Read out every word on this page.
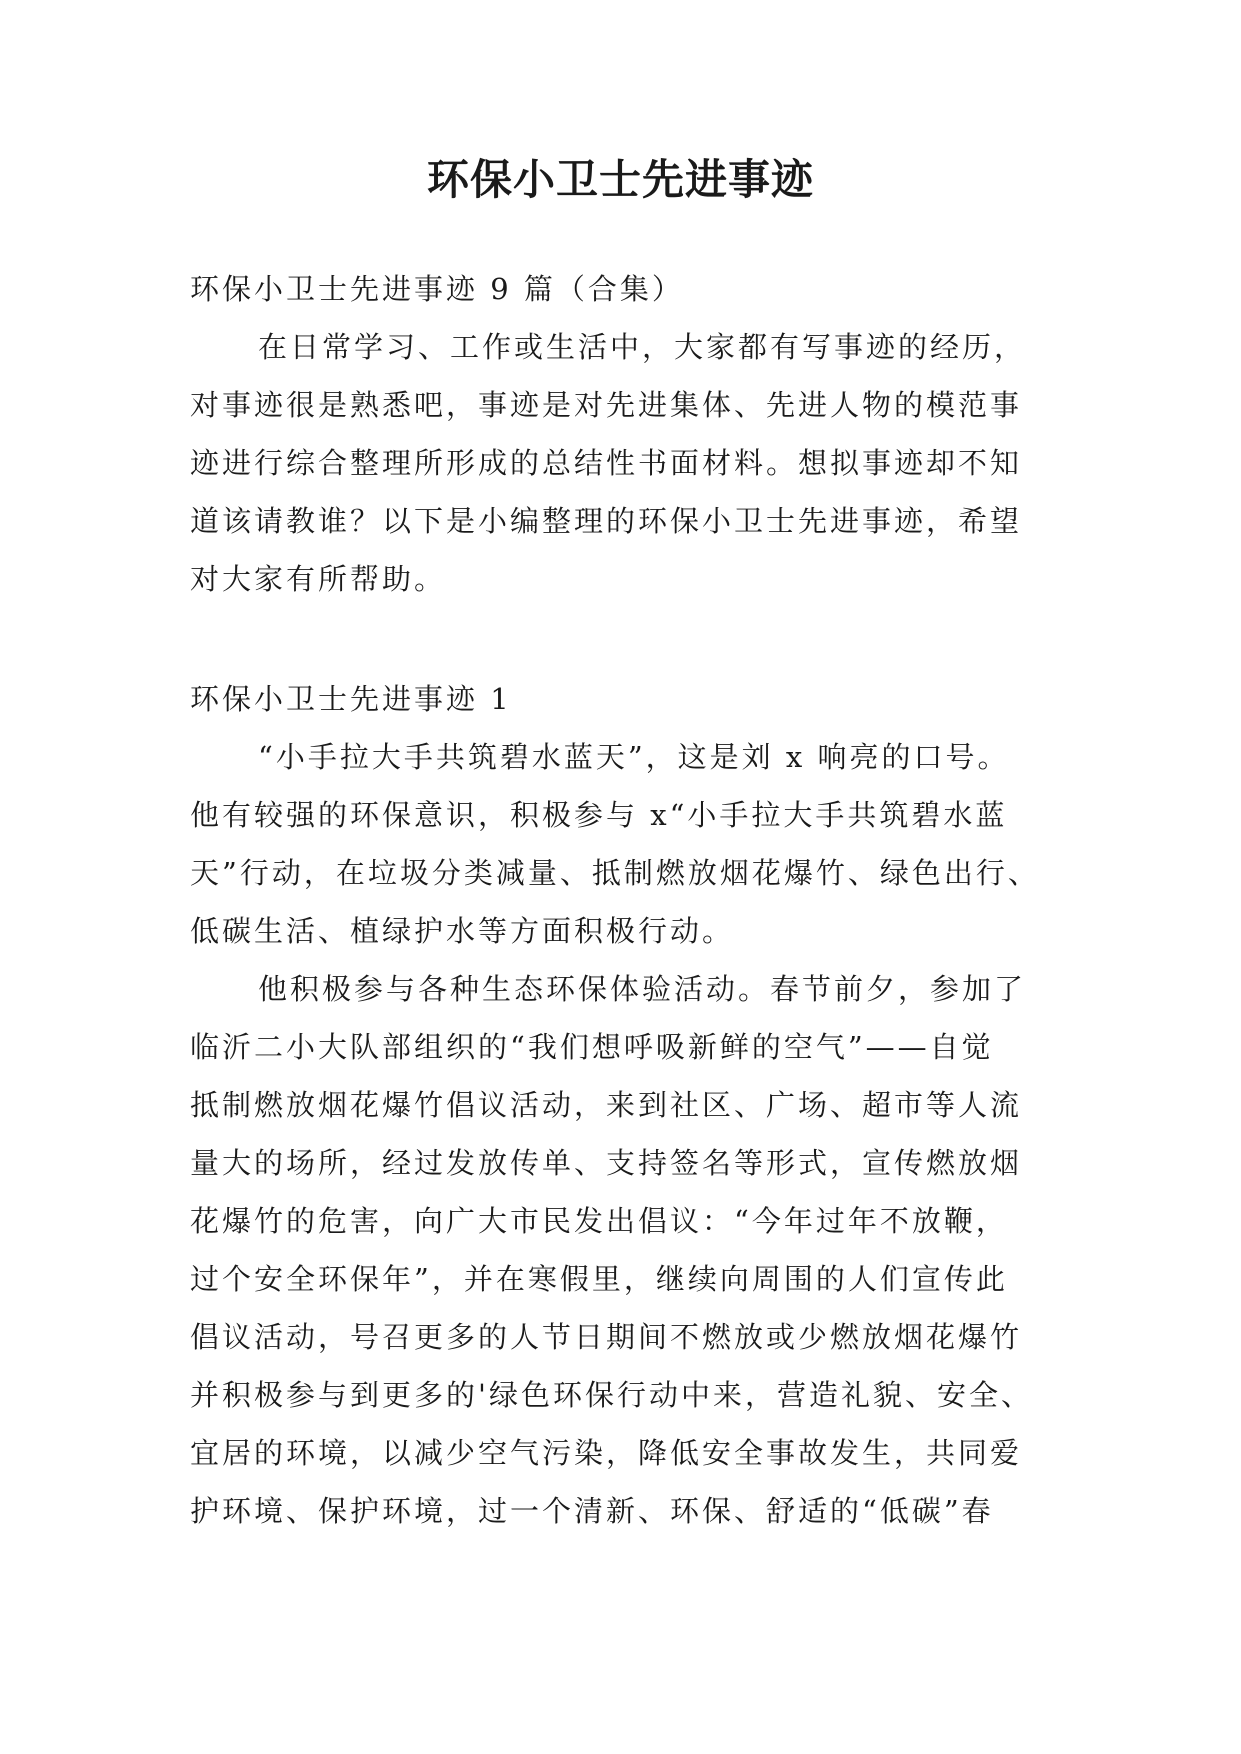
环保小卫士先进事迹
环保小卫士先进事迹 9 篇（合集）
在日常学习、工作或生活中，大家都有写事迹的经历，
对事迹很是熟悉吧，事迹是对先进集体、先进人物的模范事
迹进行综合整理所形成的总结性书面材料。想拟事迹却不知
道该请教谁？以下是小编整理的环保小卫士先进事迹，希望
对大家有所帮助。
环保小卫士先进事迹 1
“小手拉大手共筑碧水蓝天”，这是刘 x 响亮的口号。
他有较强的环保意识，积极参与 x“小手拉大手共筑碧水蓝
天”行动，在垃圾分类减量、抵制燃放烟花爆竹、绿色出行、
低碳生活、植绿护水等方面积极行动。
他积极参与各种生态环保体验活动。春节前夕，参加了
临沂二小大队部组织的“我们想呼吸新鲜的空气”——自觉
抵制燃放烟花爆竹倡议活动，来到社区、广场、超市等人流
量大的场所，经过发放传单、支持签名等形式，宣传燃放烟
花爆竹的危害，向广大市民发出倡议：“今年过年不放鞭，
过个安全环保年”，并在寒假里，继续向周围的人们宣传此
倡议活动，号召更多的人节日期间不燃放或少燃放烟花爆竹
并积极参与到更多的'绿色环保行动中来，营造礼貌、安全、
宜居的环境，以减少空气污染，降低安全事故发生，共同爱
护环境、保护环境，过一个清新、环保、舒适的“低碳”春
